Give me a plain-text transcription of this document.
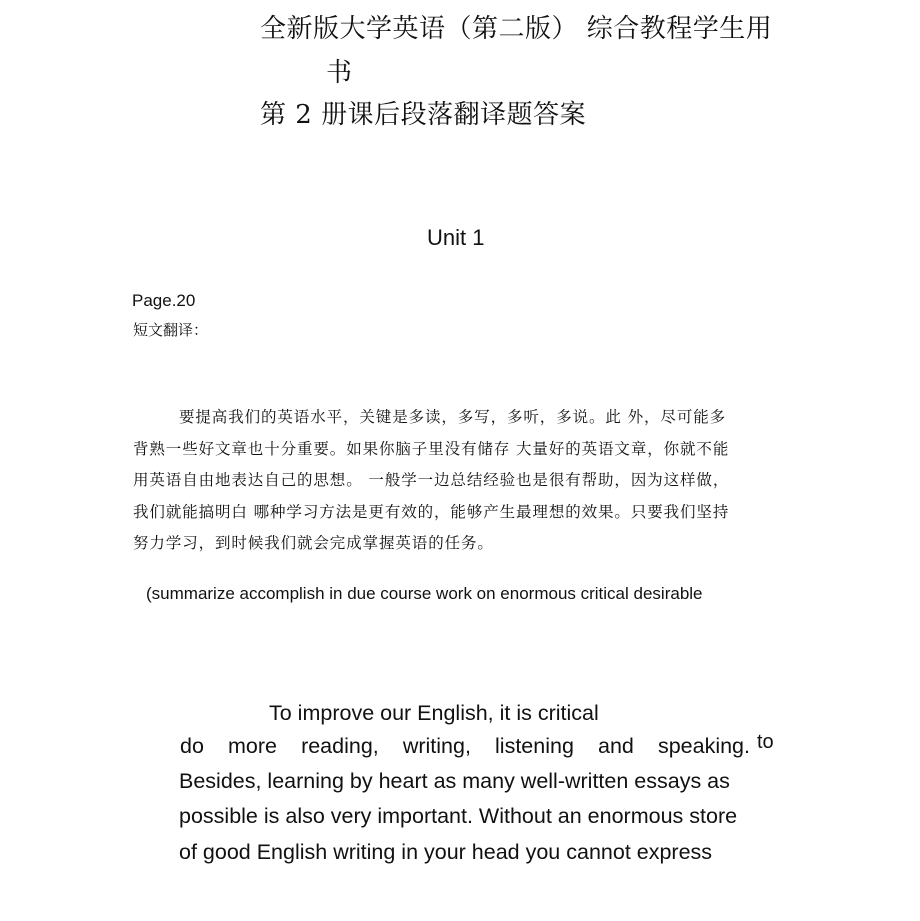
全新版大学英语（第二版） 综合教程学生用
书
第 2 册课后段落翻译题答案
Unit 1
Page.20
短文翻译：
要提高我们的英语水平，关键是多读，多写，多听，多说。此 外，尽可能多
背熟一些好文章也十分重要。如果你脑子里没有储存 大量好的英语文章，你就不能
用英语自由地表达自己的思想。 一般学一边总结经验也是很有帮助，因为这样做，
我们就能搞明白 哪种学习方法是更有效的，能够产生最理想的效果。只要我们坚持
努力学习，到时候我们就会完成掌握英语的任务。
(summarize accomplish in due course work on enormous critical desirable
To improve our English, it is critical
do more reading, writing, listening and speaking. to
Besides, learning by heart as many well-written essays as
possible is also very important. Without an enormous store
of good English writing in your head you cannot express
